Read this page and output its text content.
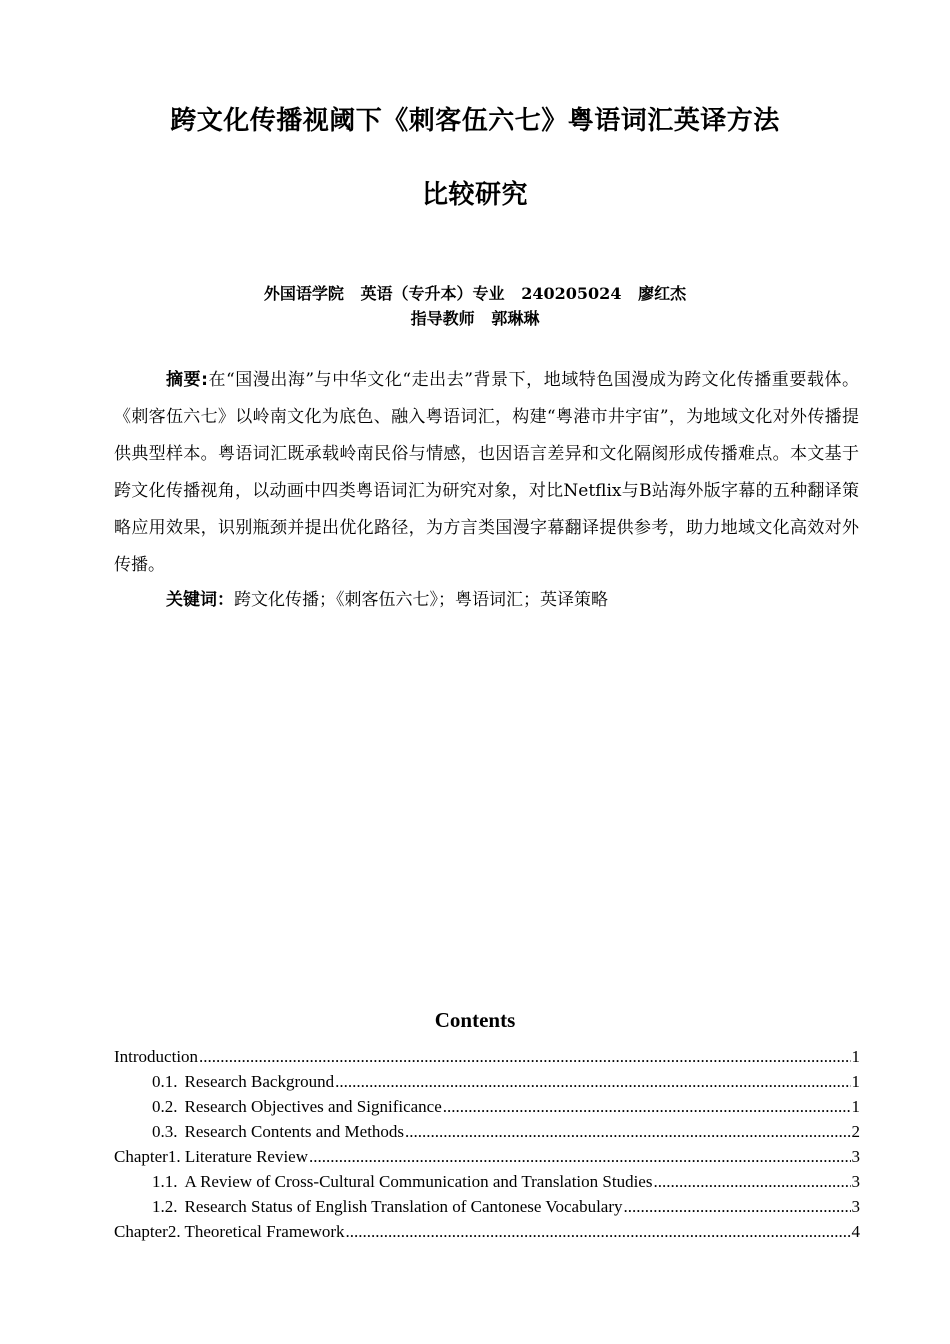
跨文化传播视阈下《刺客伍六七》粤语词汇英译方法
比较研究
外国语学院   英语（专升本）专业   240205024   廖红杰
指导教师   郭琳琳

摘要:在“国漫出海”与中华文化“走出去”背景下，地域特色国漫成为跨文化传播重要载体。《刺客伍六七》以岭南文化为底色、融入粤语词汇，构建“粤港市井宇宙”，为地域文化对外传播提供典型样本。粤语词汇既承载岭南民俗与情感，也因语言差异和文化隔阂形成传播难点。本文基于跨文化传播视角，以动画中四类粤语词汇为研究对象，对比Netflix与B站海外版字幕的五种翻译策略应用效果，识别瓶颈并提出优化路径，为方言类国漫字幕翻译提供参考，助力地域文化高效对外传播。

关键词：跨文化传播；《刺客伍六七》；粤语词汇；英译策略
Contents
Introduction .....	1
0.1. Research Background .....	1
0.2. Research Objectives and Significance .....	1
0.3. Research Contents and Methods .....	2
Chapter1. Literature Review .....	3
1.1. A Review of Cross-Cultural Communication and Translation Studies .....	3
1.2. Research Status of English Translation of Cantonese Vocabulary .....	3
Chapter2. Theoretical Framework .....	4
